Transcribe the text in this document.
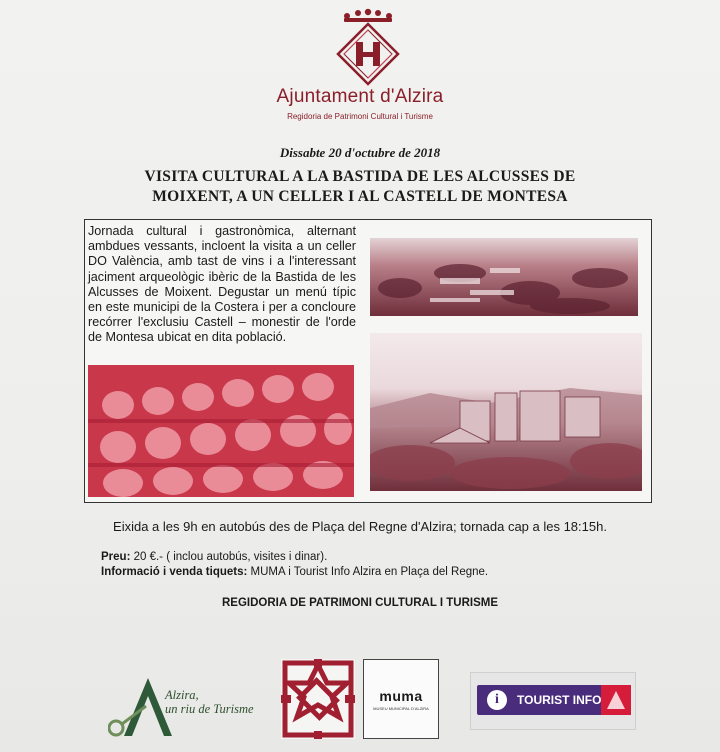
Ajuntament d'Alzira
Regidoria de Patrimoni Cultural i Turisme
Dissabte 20 d'octubre de 2018
VISITA CULTURAL A LA BASTIDA DE LES ALCUSSES DE
MOIXENT, A UN CELLER I AL CASTELL DE MONTESA
Jornada cultural i gastronòmica, alternant ambdues vessants, incloent la visita a un celler DO València, amb tast de vins i a l'interessant jaciment arqueològic ibèric de la Bastida de les Alcusses de Moixent. Degustar un menú típic en este municipi de la Costera i per a concloure recórrer l'exclusiu Castell – monestir de l'orde de Montesa ubicat en dita població.
Eixida a les 9h en autobús des de Plaça del Regne d'Alzira; tornada cap a les 18:15h.
Preu: 20 €.- ( inclou autobús, visites i dinar).
Informació i venda tiquets: MUMA i Tourist Info Alzira en Plaça del Regne.
REGIDORIA DE PATRIMONI CULTURAL I TURISME
Alzira,
un riu de Turisme
muma
MUSEU MUNICIPAL D'ALZIRA
i	TOURIST INFO
